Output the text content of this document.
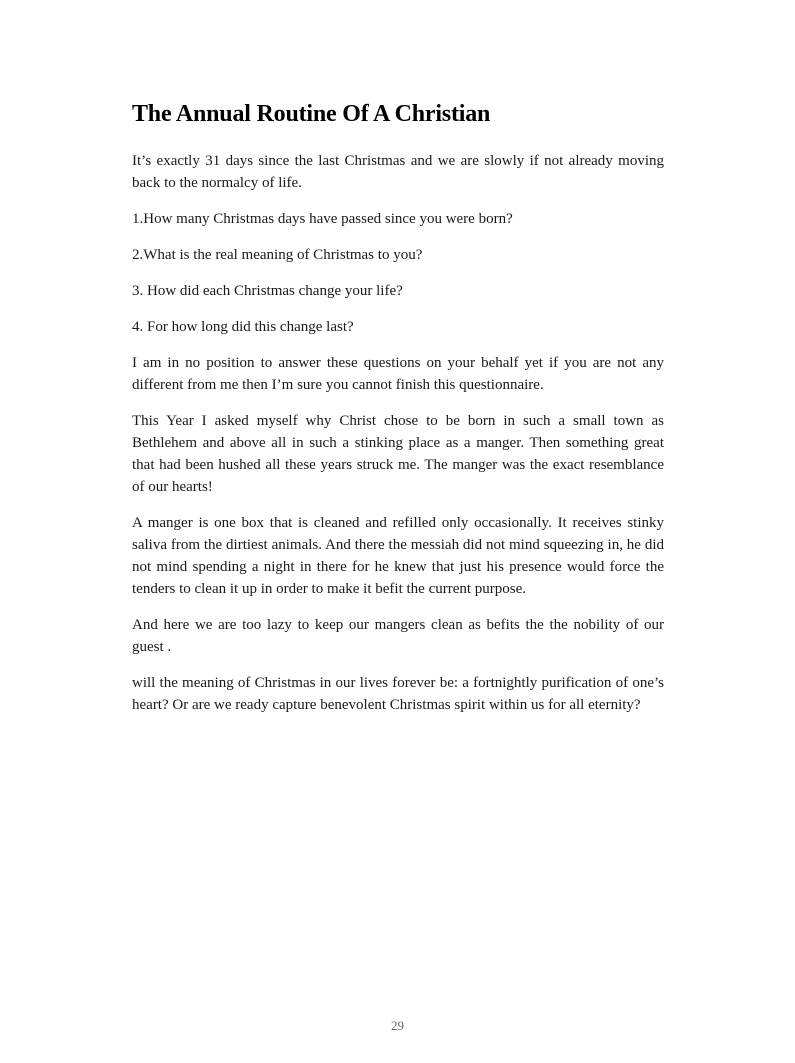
The Annual Routine Of A Christian

It’s exactly 31 days since the last Christmas and we are slowly if not already moving back to the normalcy of life.

1.How many Christmas days have passed since you were born?

2.What is the real meaning of Christmas to you?

3. How did each Christmas change your life?

4. For how long did this change last?

I am in no position to answer these questions on your behalf yet if you are not any different from me then I’m sure you cannot finish this questionnaire.

This Year I asked myself why Christ chose to be born in such a small town as Bethlehem and above all in such a stinking place as a manger. Then something great that had been hushed all these years struck me. The manger was the exact resemblance of our hearts!

A manger is one box that is cleaned and refilled only occasionally. It receives stinky saliva from the dirtiest animals. And there the messiah did not mind squeezing in, he did not mind spending a night in there for he knew that just his presence would force the tenders to clean it up in order to make it befit the current purpose.

And here we are too lazy to keep our mangers clean as befits the the nobility of our guest .

will the meaning of Christmas in our lives forever be: a fortnightly purification of one’s heart? Or are we ready capture benevolent Christmas spirit within us for all eternity?

29
